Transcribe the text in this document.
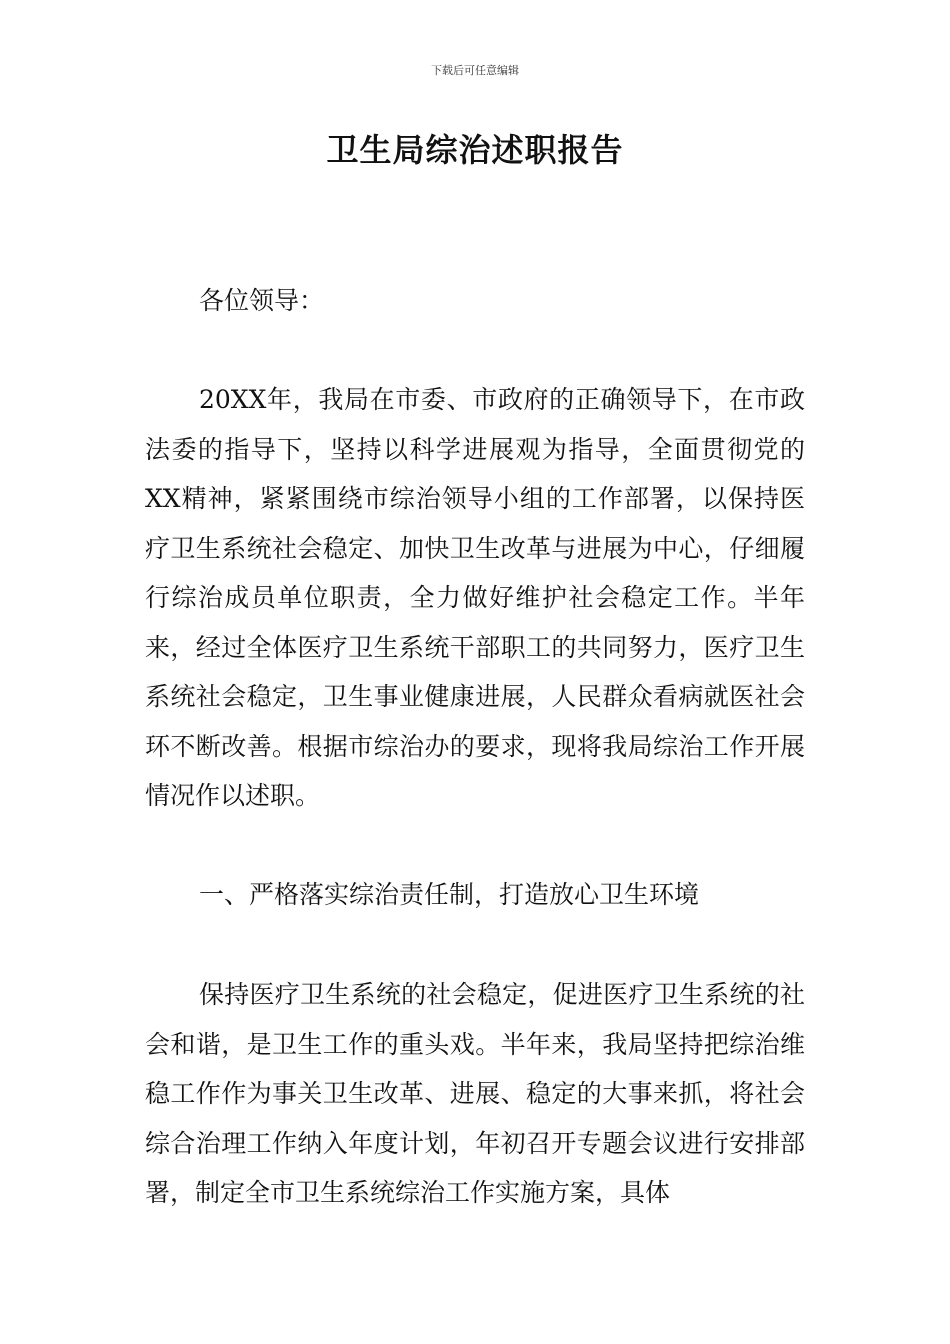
下载后可任意编辑
卫生局综治述职报告

各位领导：

20XX年，我局在市委、市政府的正确领导下，在市政法委的指导下，坚持以科学进展观为指导，全面贯彻党的XX精神，紧紧围绕市综治领导小组的工作部署，以保持医疗卫生系统社会稳定、加快卫生改革与进展为中心，仔细履行综治成员单位职责，全力做好维护社会稳定工作。半年来，经过全体医疗卫生系统干部职工的共同努力，医疗卫生系统社会稳定，卫生事业健康进展，人民群众看病就医社会环不断改善。根据市综治办的要求，现将我局综治工作开展情况作以述职。

一、严格落实综治责任制，打造放心卫生环境

保持医疗卫生系统的社会稳定，促进医疗卫生系统的社会和谐，是卫生工作的重头戏。半年来，我局坚持把综治维稳工作作为事关卫生改革、进展、稳定的大事来抓，将社会综合治理工作纳入年度计划，年初召开专题会议进行安排部署，制定全市卫生系统综治工作实施方案，具体
